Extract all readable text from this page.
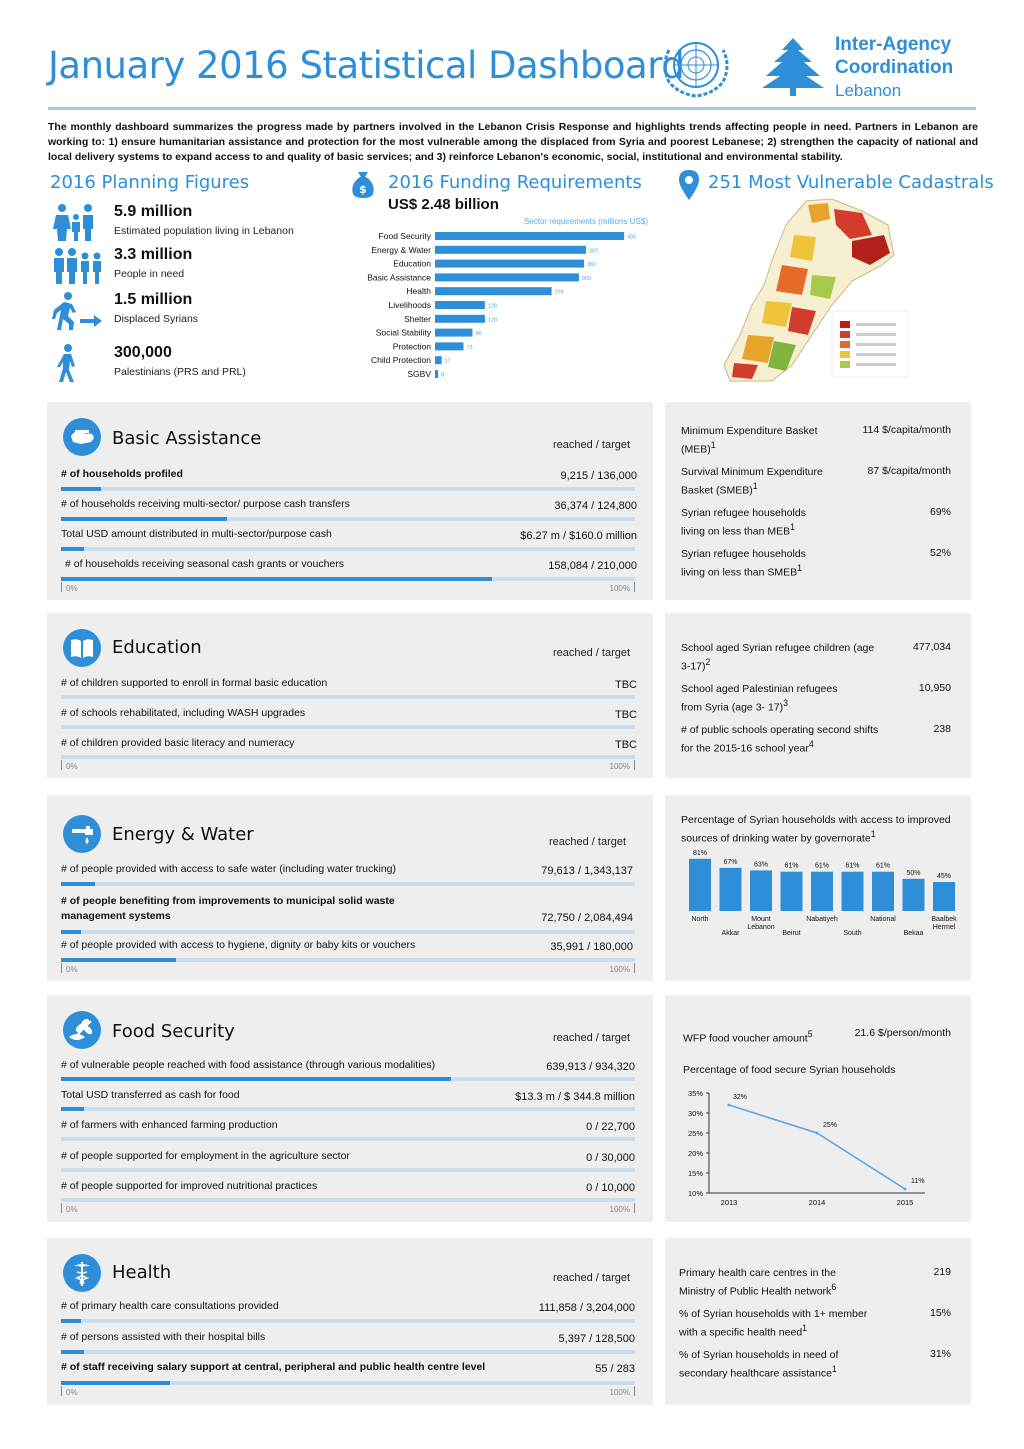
January 2016 Statistical Dashboard	Inter-Agency
Coordination
Lebanon
The monthly dashboard summarizes the progress made by partners involved in the Lebanon Crisis Response and highlights trends affecting people in need. Partners in Lebanon are working to: 1) ensure humanitarian assistance and protection for the most vulnerable among the displaced from Syria and poorest Lebanese; 2) strengthen the capacity of national and local delivery systems to expand access to and quality of basic services; and 3) reinforce Lebanon's economic, social, institutional and environmental stability.
2016 Planning Figures
5.9 million
Estimated population living in Lebanon
3.3 million
People in need
1.5 million
Displaced Syrians
300,000
Palestinians (PRS and PRL)
$ 2016 Funding Requirements
US$ 2.48 billion
Sector requirements (millions US$)
Food Security	485
Energy & Water	387
Education	382
Basic Assistance	369
Health	299
Livelihoods	128
Shelter	128
Social Stability	96
Protection	73
Child Protection 17
SGBV 8
251 Most Vulnerable Cadastrals
Basic Assistance	reached / target
# of households profiled	9,215 / 136,000
# of households receiving multi-sector/ purpose cash transfers	36,374 / 124,800
Total USD amount distributed in multi-sector/purpose cash	$6.27 m / $160.0 million
# of households receiving seasonal cash grants or vouchers	158,084 / 210,000
0%	100%
Minimum Expenditure Basket (MEB)$^1$
114 $/capita/month
Survival Minimum Expenditure Basket (SMEB)$^1$
87 $/capita/month
Syrian refugee households living on less than MEB$^1$
69%
Syrian refugee households living on less than SMEB$^1$
52%
Education	reached / target
# of children supported to enroll in formal basic education	TBC
# of schools rehabilitated, including WASH upgrades	TBC
# of children provided basic literacy and numeracy	TBC
0%	100%
School aged Syrian refugee children (age 3-17)$^2$
477,034
School aged Palestinian refugees from Syria (age 3- 17)$^3$
10,950
# of public schools operating second shifts for the 2015-16 school year$^4$
238
Energy & Water	reached / target
# of people provided with access to safe water (including water trucking)	79,613 / 1,343,137
# of people benefiting from improvements to municipal solid waste management systems	72,750 / 2,084,494
# of people provided with access to hygiene, dignity or baby kits or vouchers	35,991 / 180,000
0%	100%
Percentage of Syrian households with access to improved sources of drinking water by governorate$^1$
81%
North
67%
Akkar
63%
Mount
Lebanon
61%
Beirut
61%
Nabatiyeh
61%
South
61%
National
50%
Bekaa
45%
Baalbek
Hermel
Food Security	reached / target
# of vulnerable people reached with food assistance (through various modalities)	639,913 / 934,320
Total USD transferred as cash for food	$13.3 m / $ 344.8 million
# of farmers with enhanced farming production	0 / 22,700
# of people supported for employment in the agriculture sector	0 / 30,000
# of people supported for improved nutritional practices	0 / 10,000
0%	100%
WFP food voucher amount$^5$	21.6 $/person/month
Percentage of food secure Syrian households
35%
30%
25%
20%
15%
10%
2013
32%
2014
25%
2015
11%
Health	reached / target
# of primary health care consultations provided	111,858 / 3,204,000
# of persons assisted with their hospital bills	5,397 / 128,500
# of staff receiving salary support at central, peripheral and public health centre level	55 / 283
0%	100%
Primary health care centres in the Ministry of Public Health network$^6$
219
% of Syrian households with 1+ member with a specific health need$^1$
15%
% of Syrian households in need of secondary healthcare assistance$^1$
31%
